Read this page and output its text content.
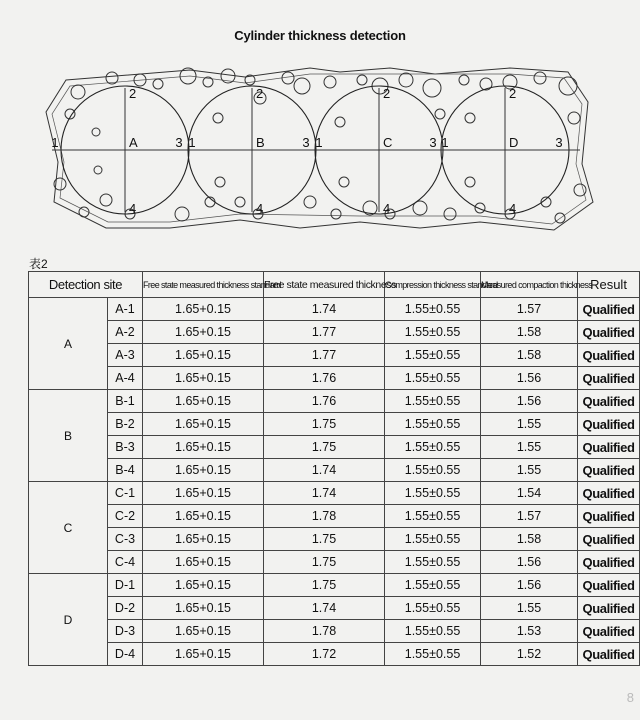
Cylinder thickness detection
A
2
4
1	3	B
2
4
1	3	C
2
4
1	3	D
2
4
1	3
表2
Detection site		Free state measured thickness standard	Free state measured thickness	Compression thickness standard	Measured compaction thickness	Result
A	A-1	1.65+0.15	1.74	1.55±0.55	1.57	Qualified
	A-2	1.65+0.15	1.77	1.55±0.55	1.58	Qualified
	A-3	1.65+0.15	1.77	1.55±0.55	1.58	Qualified
	A-4	1.65+0.15	1.76	1.55±0.55	1.56	Qualified
B	B-1	1.65+0.15	1.76	1.55±0.55	1.56	Qualified
	B-2	1.65+0.15	1.75	1.55±0.55	1.55	Qualified
	B-3	1.65+0.15	1.75	1.55±0.55	1.55	Qualified
	B-4	1.65+0.15	1.74	1.55±0.55	1.55	Qualified
C	C-1	1.65+0.15	1.74	1.55±0.55	1.54	Qualified
	C-2	1.65+0.15	1.78	1.55±0.55	1.57	Qualified
	C-3	1.65+0.15	1.75	1.55±0.55	1.58	Qualified
	C-4	1.65+0.15	1.75	1.55±0.55	1.56	Qualified
D	D-1	1.65+0.15	1.75	1.55±0.55	1.56	Qualified
	D-2	1.65+0.15	1.74	1.55±0.55	1.55	Qualified
	D-3	1.65+0.15	1.78	1.55±0.55	1.53	Qualified
	D-4	1.65+0.15	1.72	1.55±0.55	1.52	Qualified
8
